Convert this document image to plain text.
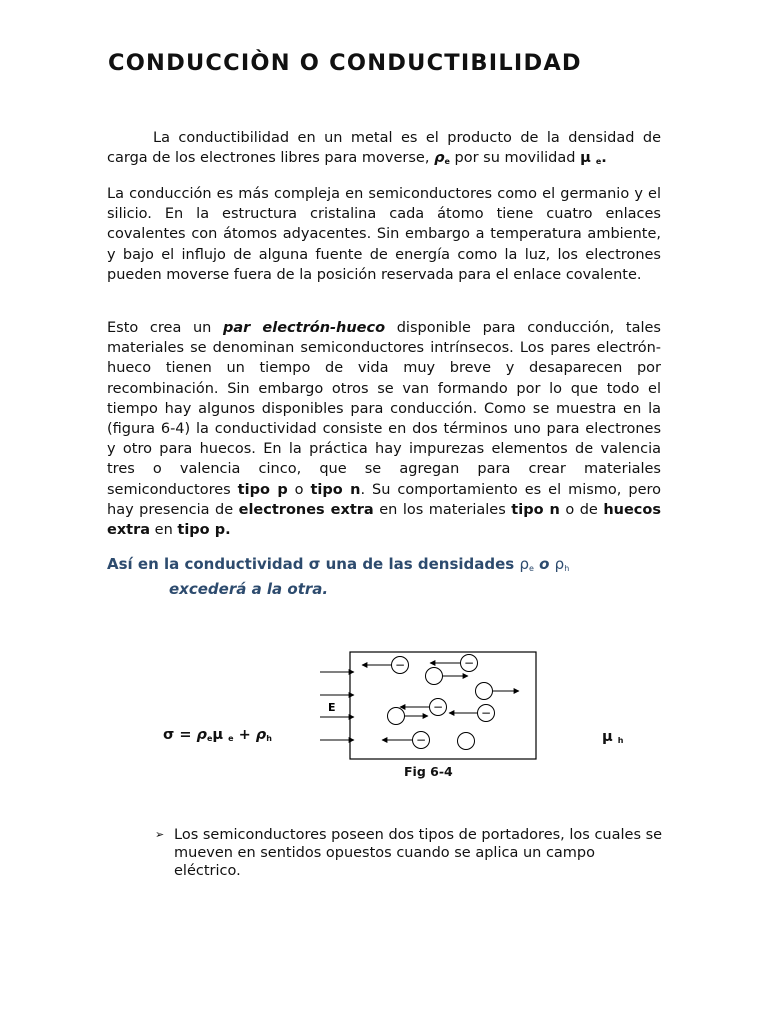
CONDUCCIÒN O CONDUCTIBILIDAD
La conductibilidad en un metal es el producto de la densidad de carga de los electrones libres para moverse, $\rho_e$ por su movilidad μ $_e$.
La conducción es más compleja en semiconductores como el germanio y el silicio. En la estructura cristalina cada átomo tiene cuatro enlaces covalentes con átomos adyacentes. Sin embargo a temperatura ambiente, y bajo el influjo de alguna fuente de energía como la luz, los electrones pueden moverse fuera de la posición reservada para el enlace covalente.
Esto crea un par electrón-hueco disponible para conducción, tales materiales se denominan semiconductores intrínsecos. Los pares electrón-hueco tienen un tiempo de vida muy breve y desaparecen por recombinación. Sin embargo otros se van formando por lo que todo el tiempo hay algunos disponibles para conducción. Como se muestra en la (figura 6-4) la conductividad consiste en dos términos uno para electrones y otro para huecos. En la práctica hay impurezas elementos de valencia tres o valencia cinco, que se agregan para crear materiales semiconductores tipo p o tipo n. Su comportamiento es el mismo, pero hay presencia de electrones extra en los materiales tipo n o de huecos extra en tipo p.
Así en la conductividad σ una de las densidades $\rho_e$ o $\rho_h$
excederá a la otra.
$\sigma = \rho_e\mu$ $_e + \rho_h$	μ $_h$
E
−	−
−	−
−
Fig 6-4
➢ Los semiconductores poseen dos tipos de portadores, los cuales se mueven en sentidos opuestos cuando se aplica un campo eléctrico.
